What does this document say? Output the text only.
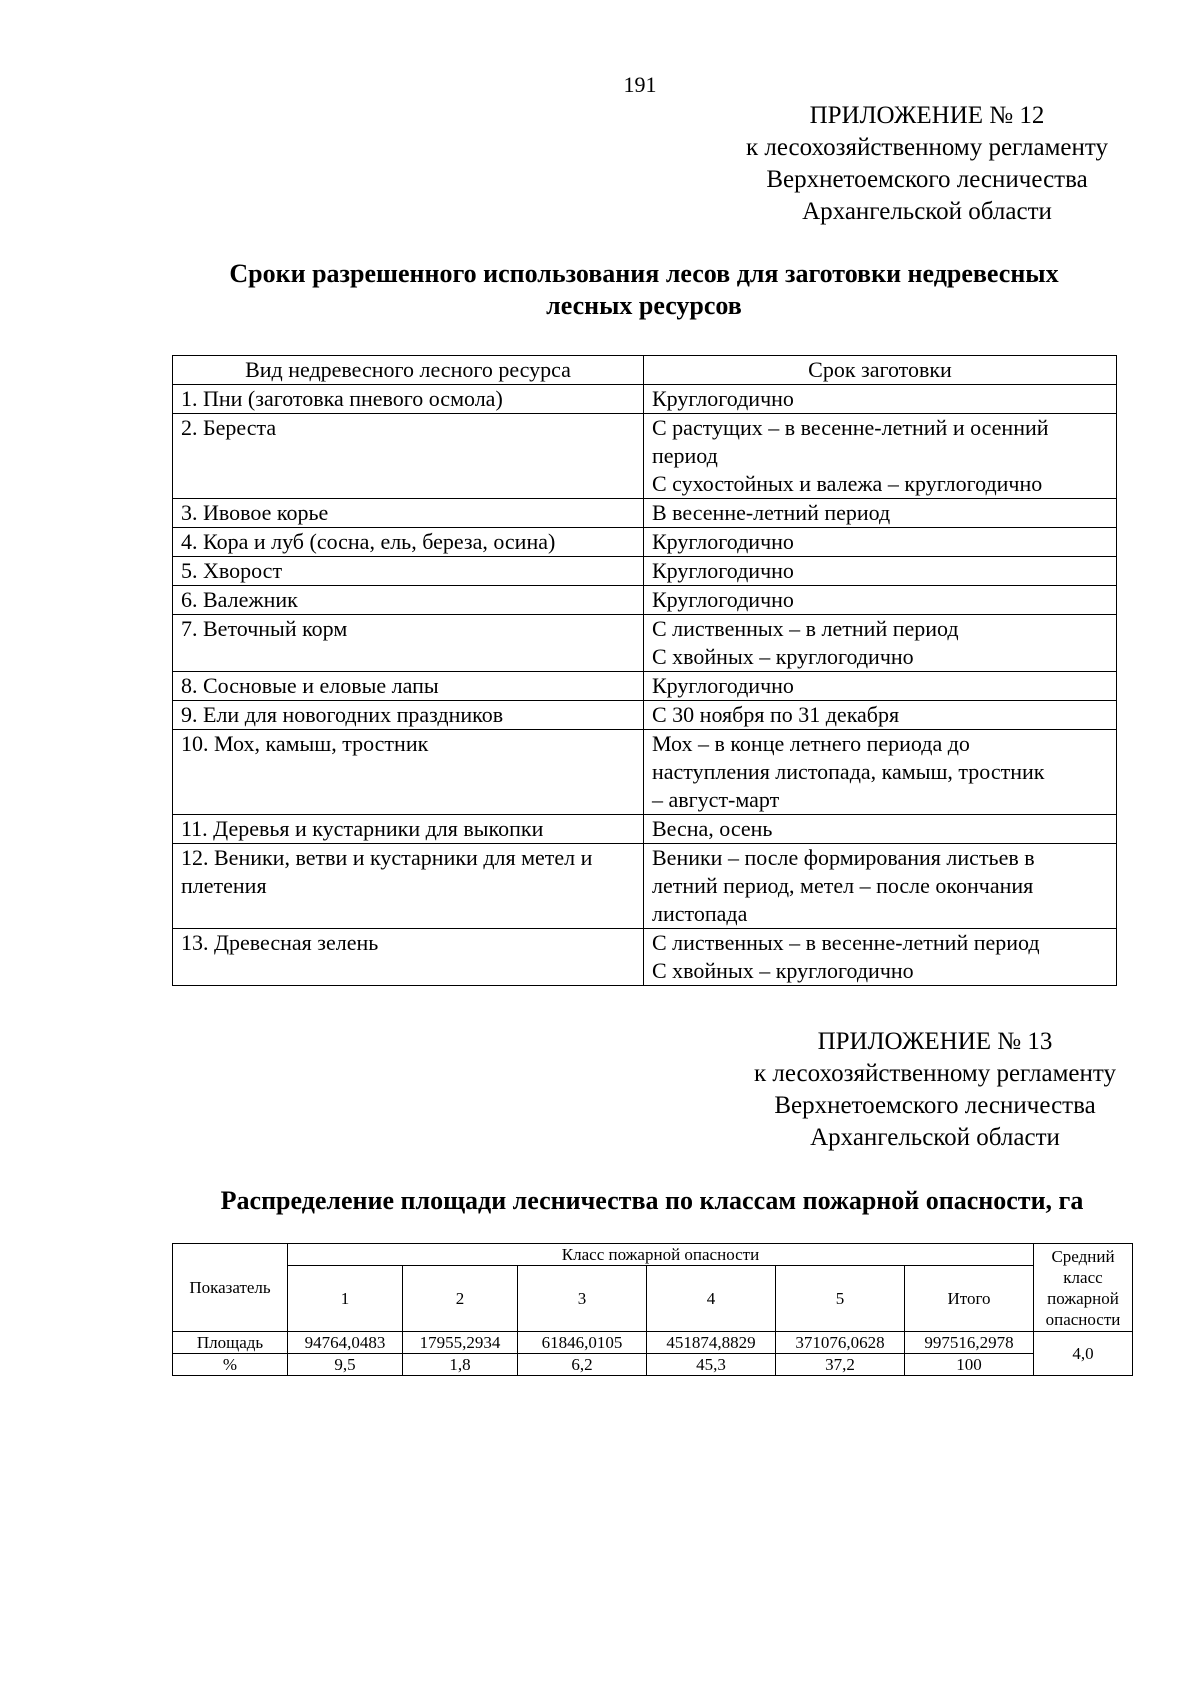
191
ПРИЛОЖЕНИЕ № 12
к лесохозяйственному регламенту
Верхнетоемского лесничества
Архангельской области
Сроки разрешенного использования лесов для заготовки недревесных
лесных ресурсов
Вид недревесного лесного ресурса	Срок заготовки
1. Пни (заготовка пневого осмола)	Круглогодично

2. Береста	С растущих – в весенне-летний и осенний
период
С сухостойных и валежа – круглогодично

3. Ивовое корье	В весенне-летний период

4. Кора и луб (сосна, ель, береза, осина)	Круглогодично

5. Хворост	Круглогодично

6. Валежник	Круглогодично

7. Веточный корм	С лиственных – в летний период
С хвойных – круглогодично

8. Сосновые и еловые лапы	Круглогодично

9. Ели для новогодних праздников	С 30 ноября по 31 декабря

10. Мох, камыш, тростник	Мох – в конце летнего периода до
наступления листопада, камыш, тростник
– август-март

11. Деревья и кустарники для выкопки	Весна, осень

12. Веники, ветви и кустарники для метел и плетения	Веники – после формирования листьев в
летний период, метел – после окончания
листопада

13. Древесная зелень	С лиственных – в весенне-летний период
С хвойных – круглогодично
ПРИЛОЖЕНИЕ № 13
к лесохозяйственному регламенту
Верхнетоемского лесничества
Архангельской области
Распределение площади лесничества по классам пожарной опасности, га
Показатель	Класс пожарной опасности						Средний
класс
пожарной
опасности

	1	2	3	4	5	Итого	
Площадь	94764,0483	17955,2934	61846,0105	451874,8829	371076,0628	997516,2978	4,0
%	9,5	1,8	6,2	45,3	37,2	100	
